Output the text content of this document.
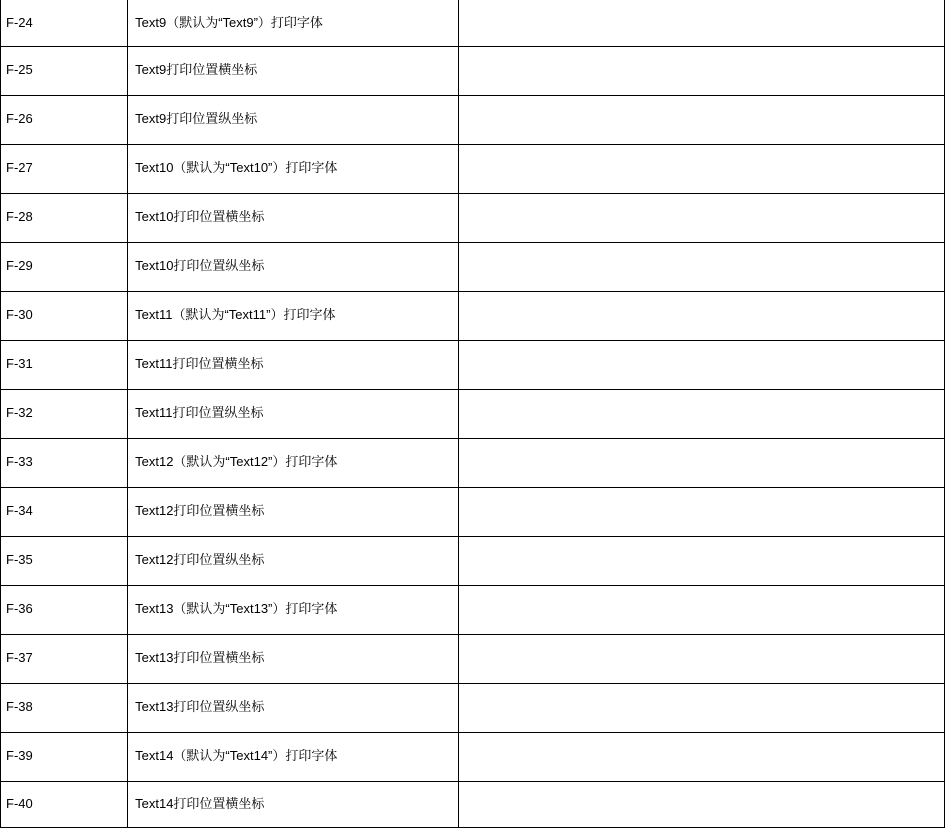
F-24	Text9（默认为“Text9”）打印字体	

F-25	Text9打印位置横坐标	

F-26	Text9打印位置纵坐标	

F-27	Text10（默认为“Text10”）打印字体	

F-28	Text10打印位置横坐标	

F-29	Text10打印位置纵坐标	

F-30	Text11（默认为“Text11”）打印字体	

F-31	Text11打印位置横坐标	

F-32	Text11打印位置纵坐标	

F-33	Text12（默认为“Text12”）打印字体	

F-34	Text12打印位置横坐标	

F-35	Text12打印位置纵坐标	

F-36	Text13（默认为“Text13”）打印字体	

F-37	Text13打印位置横坐标	

F-38	Text13打印位置纵坐标	

F-39	Text14（默认为“Text14”）打印字体	

F-40	Text14打印位置横坐标	
